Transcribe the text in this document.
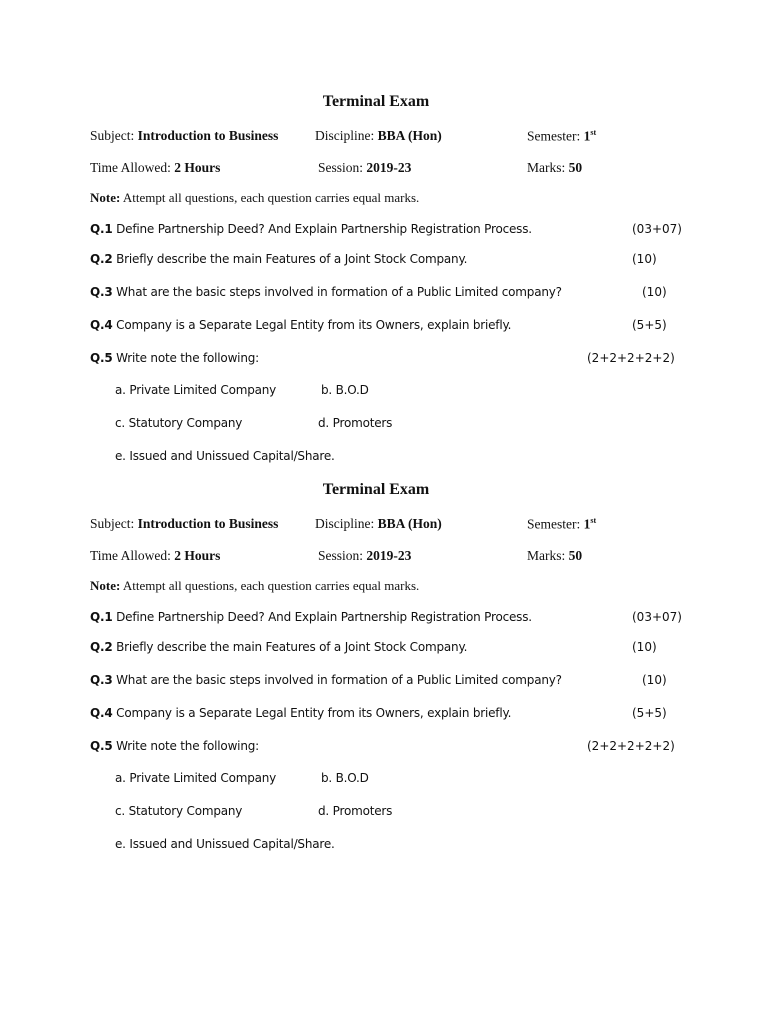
Terminal Exam
Subject: Introduction to Business	Discipline: BBA (Hon)	Semester: 1st
Time Allowed: 2 Hours	Session: 2019-23	Marks: 50
Note: Attempt all questions, each question carries equal marks.
Q.1 Define Partnership Deed? And Explain Partnership Registration Process.	(03+07)
Q.2 Briefly describe the main Features of a Joint Stock Company.	(10)
Q.3 What are the basic steps involved in formation of a Public Limited company?	(10)
Q.4 Company is a Separate Legal Entity from its Owners, explain briefly.	(5+5)
Q.5 Write note the following:	(2+2+2+2+2)
a. Private Limited Company	b. B.O.D
c. Statutory Company	d. Promoters
e. Issued and Unissued Capital/Share.
Terminal Exam
Subject: Introduction to Business	Discipline: BBA (Hon)	Semester: 1st
Time Allowed: 2 Hours	Session: 2019-23	Marks: 50
Note: Attempt all questions, each question carries equal marks.
Q.1 Define Partnership Deed? And Explain Partnership Registration Process.	(03+07)
Q.2 Briefly describe the main Features of a Joint Stock Company.	(10)
Q.3 What are the basic steps involved in formation of a Public Limited company?	(10)
Q.4 Company is a Separate Legal Entity from its Owners, explain briefly.	(5+5)
Q.5 Write note the following:	(2+2+2+2+2)
a. Private Limited Company	b. B.O.D
c. Statutory Company	d. Promoters
e. Issued and Unissued Capital/Share.
